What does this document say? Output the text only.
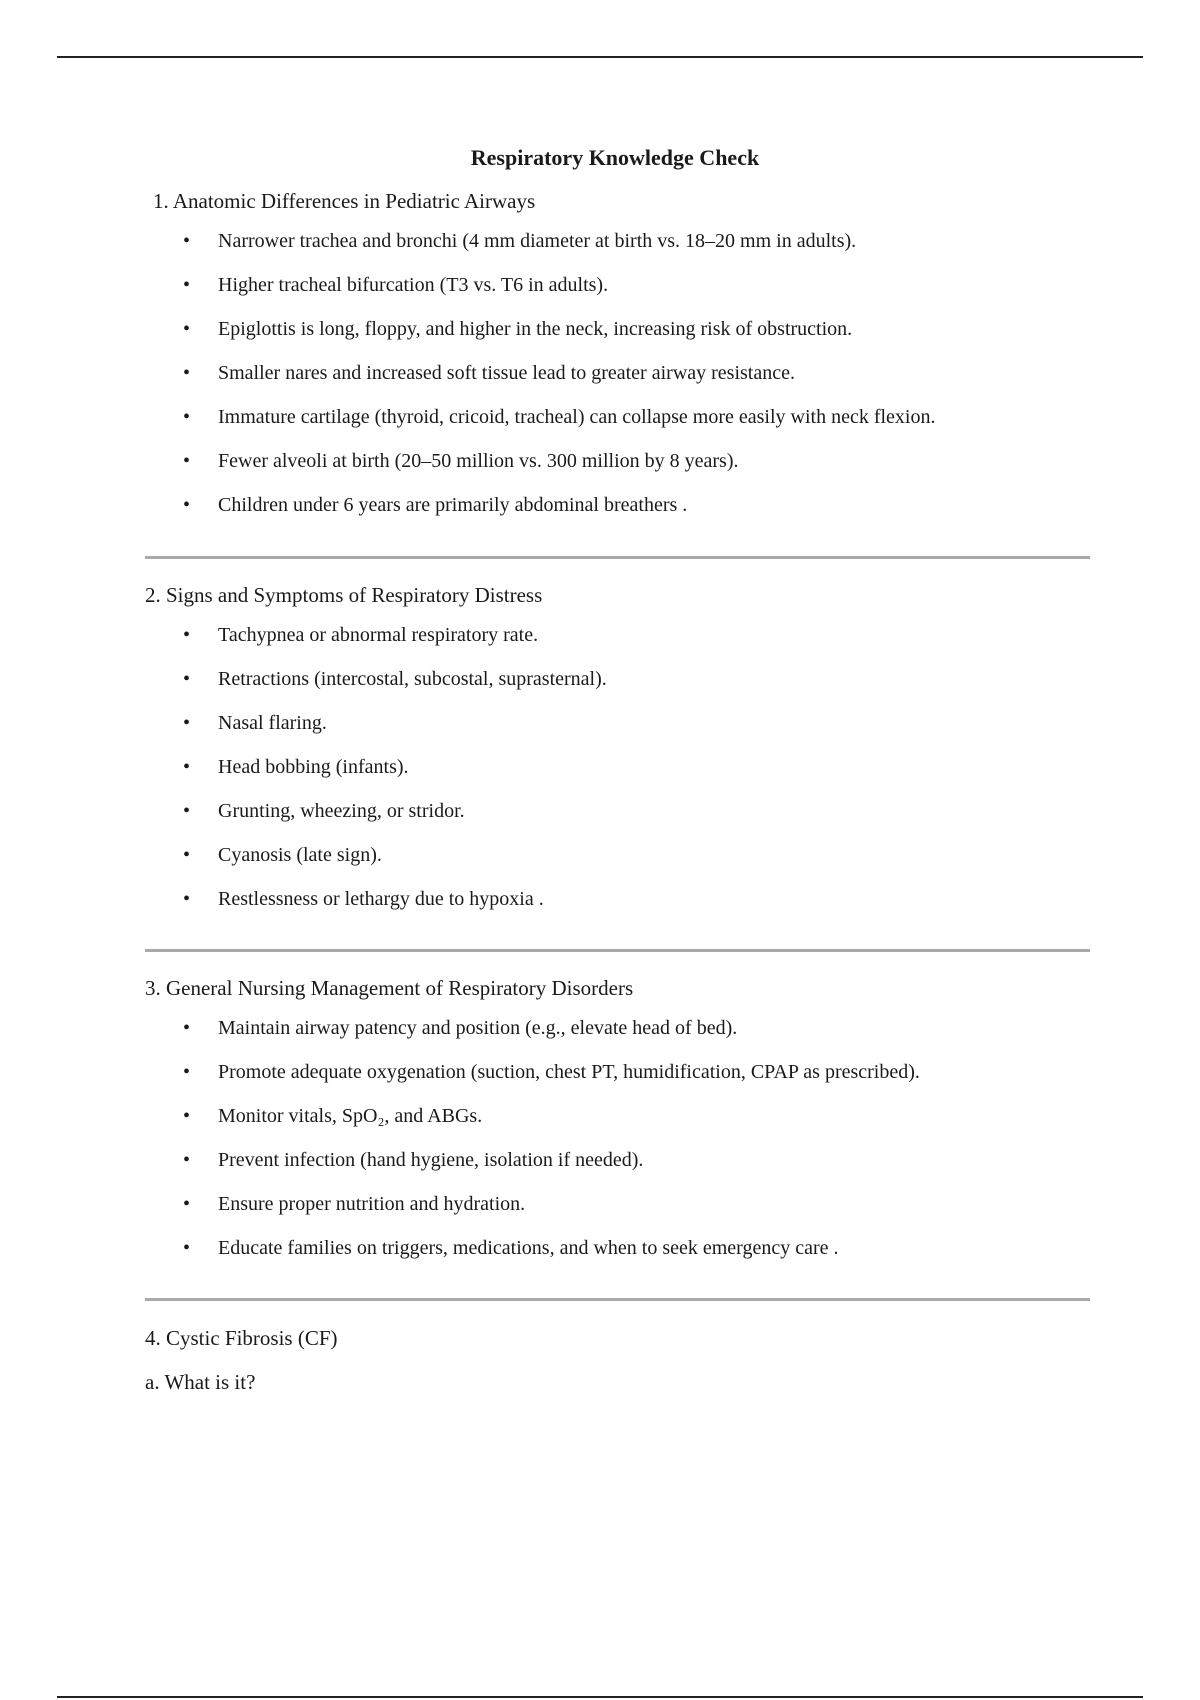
Respiratory Knowledge Check

1. Anatomic Differences in Pediatric Airways

• Narrower trachea and bronchi (4 mm diameter at birth vs. 18–20 mm in adults).
• Higher tracheal bifurcation (T3 vs. T6 in adults).
• Epiglottis is long, floppy, and higher in the neck, increasing risk of obstruction.
• Smaller nares and increased soft tissue lead to greater airway resistance.
• Immature cartilage (thyroid, cricoid, tracheal) can collapse more easily with neck flexion.
• Fewer alveoli at birth (20–50 million vs. 300 million by 8 years).
• Children under 6 years are primarily abdominal breathers .

2. Signs and Symptoms of Respiratory Distress

• Tachypnea or abnormal respiratory rate.
• Retractions (intercostal, subcostal, suprasternal).
• Nasal flaring.
• Head bobbing (infants).
• Grunting, wheezing, or stridor.
• Cyanosis (late sign).
• Restlessness or lethargy due to hypoxia .

3. General Nursing Management of Respiratory Disorders

• Maintain airway patency and position (e.g., elevate head of bed).
• Promote adequate oxygenation (suction, chest PT, humidification, CPAP as prescribed).
• Monitor vitals, SpO₂, and ABGs.
• Prevent infection (hand hygiene, isolation if needed).
• Ensure proper nutrition and hydration.
• Educate families on triggers, medications, and when to seek emergency care .

4. Cystic Fibrosis (CF)

a. What is it?
